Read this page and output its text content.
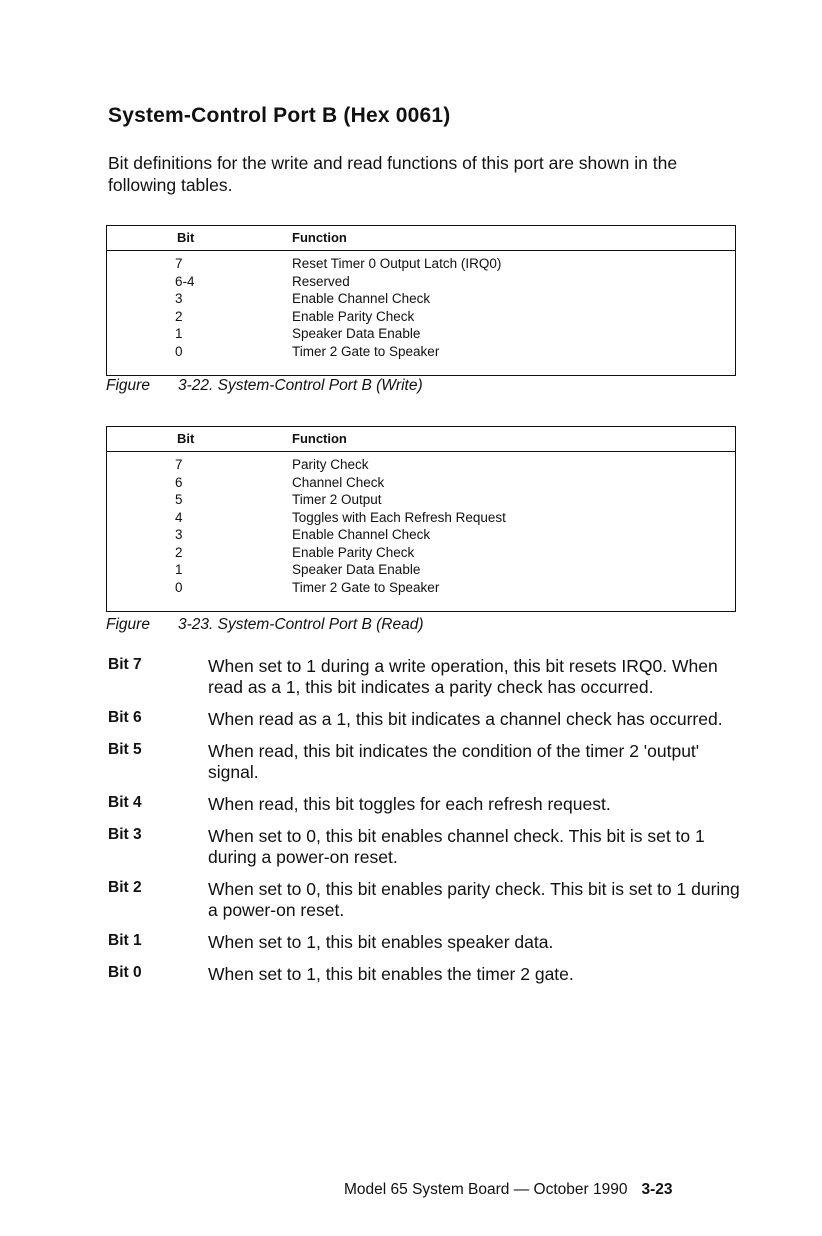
System-Control Port B (Hex 0061)

Bit definitions for the write and read functions of this port are shown in the following tables.

Bit	Function
7	Reset Timer 0 Output Latch (IRQ0)
6-4	Reserved
3	Enable Channel Check
2	Enable Parity Check
1	Speaker Data Enable
0	Timer 2 Gate to Speaker

Figure 3-22. System-Control Port B (Write)

Bit	Function
7	Parity Check
6	Channel Check
5	Timer 2 Output
4	Toggles with Each Refresh Request
3	Enable Channel Check
2	Enable Parity Check
1	Speaker Data Enable
0	Timer 2 Gate to Speaker

Figure 3-23. System-Control Port B (Read)

Bit 7	When set to 1 during a write operation, this bit resets IRQ0. When read as a 1, this bit indicates a parity check has occurred.
Bit 6	When read as a 1, this bit indicates a channel check has occurred.
Bit 5	When read, this bit indicates the condition of the timer 2 'output' signal.
Bit 4	When read, this bit toggles for each refresh request.
Bit 3	When set to 0, this bit enables channel check. This bit is set to 1 during a power-on reset.
Bit 2	When set to 0, this bit enables parity check. This bit is set to 1 during a power-on reset.
Bit 1	When set to 1, this bit enables speaker data.
Bit 0	When set to 1, this bit enables the timer 2 gate.
Model 65 System Board — October 1990 3-23
